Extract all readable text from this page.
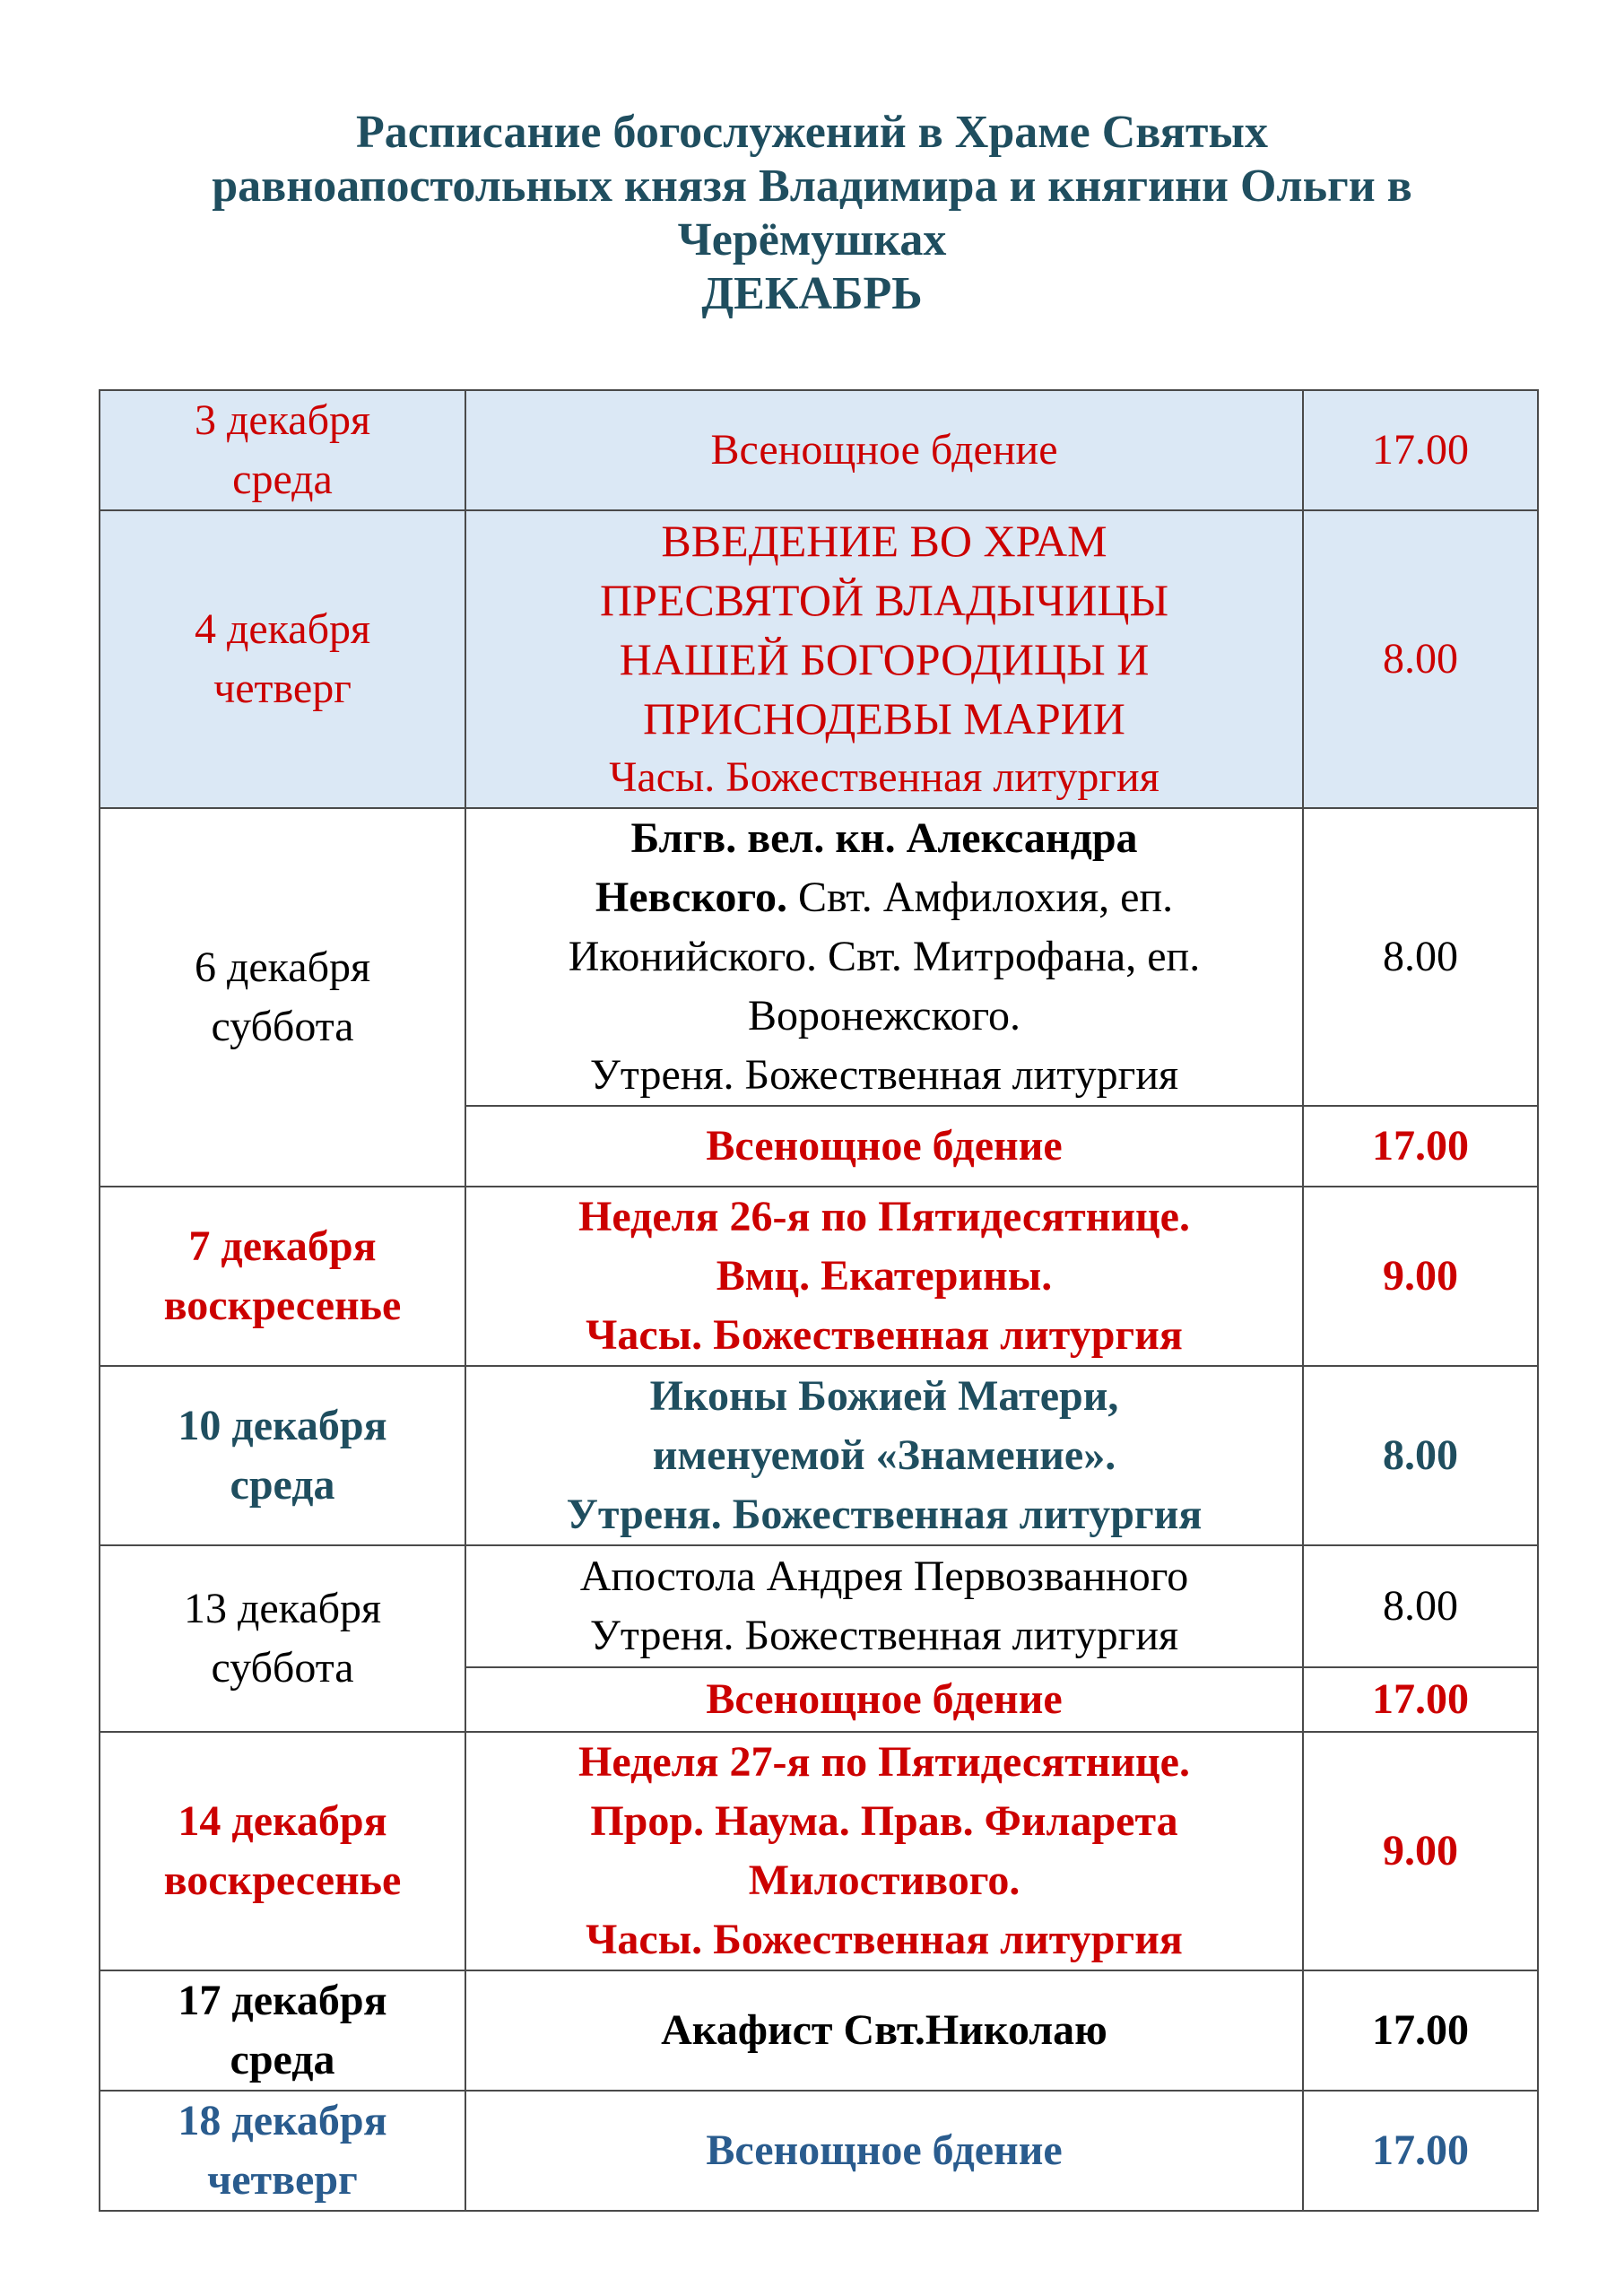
Расписание богослужений в Храме Святых
равноапостольных князя Владимира и княгини Ольги в
Черёмушках
ДЕКАБРЬ
3 декабря
среда	Всенощное бдение	17.00

4 декабря
четверг	ВВЕДЕНИЕ ВО ХРАМ
ПРЕСВЯТОЙ ВЛАДЫЧИЦЫ
НАШЕЙ БОГОРОДИЦЫ И
ПРИСНОДЕВЫ МАРИИ
Часы. Божественная литургия	8.00

6 декабря
суббота	Блгв. вел. кн. Александра
Невского. Свт. Амфилохия, еп.
Иконийского. Свт. Митрофана, еп.
Воронежского.
Утреня. Божественная литургия	8.00

	Всенощное бдение	17.00

7 декабря
воскресенье	Неделя 26-я по Пятидесятнице.
Вмц. Екатерины.
Часы. Божественная литургия	9.00

10 декабря
среда	Иконы Божией Матери,
именуемой «Знамение».
Утреня. Божественная литургия	8.00

13 декабря
суббота	Апостола Андрея Первозванного
Утреня. Божественная литургия	8.00

	Всенощное бдение	17.00

14 декабря
воскресенье	Неделя 27-я по Пятидесятнице.
Прор. Наума. Прав. Филарета
Милостивого.
Часы. Божественная литургия	9.00

17 декабря
среда	Акафист Свт.Николаю	17.00

18 декабря
четверг	Всенощное бдение	17.00
